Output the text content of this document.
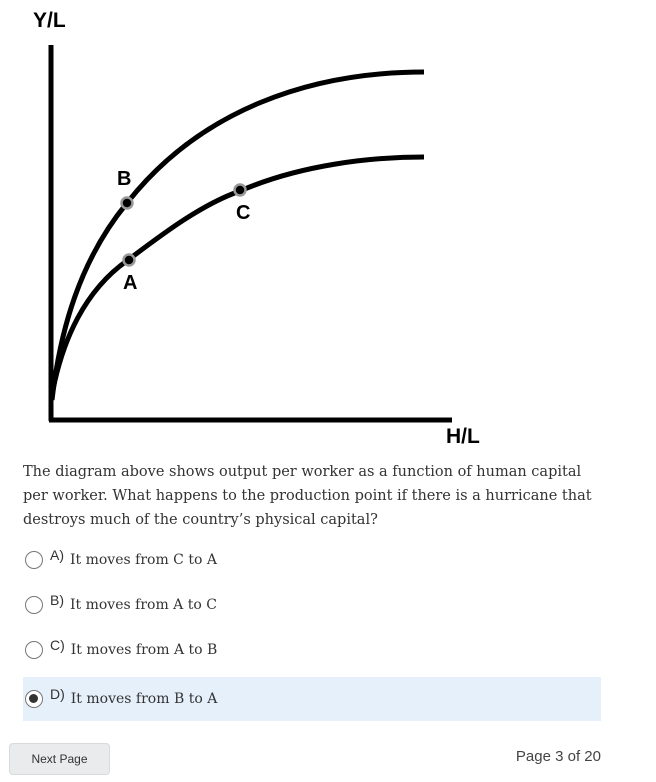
Y/L
H/L
B
C
A
The diagram above shows output per worker as a function of human capital per worker. What happens to the production point if there is a hurricane that destroys much of the country’s physical capital?
A) It moves from C to A
B) It moves from A to C
C) It moves from A to B
D) It moves from B to A
Next Page	Page 3 of 20
